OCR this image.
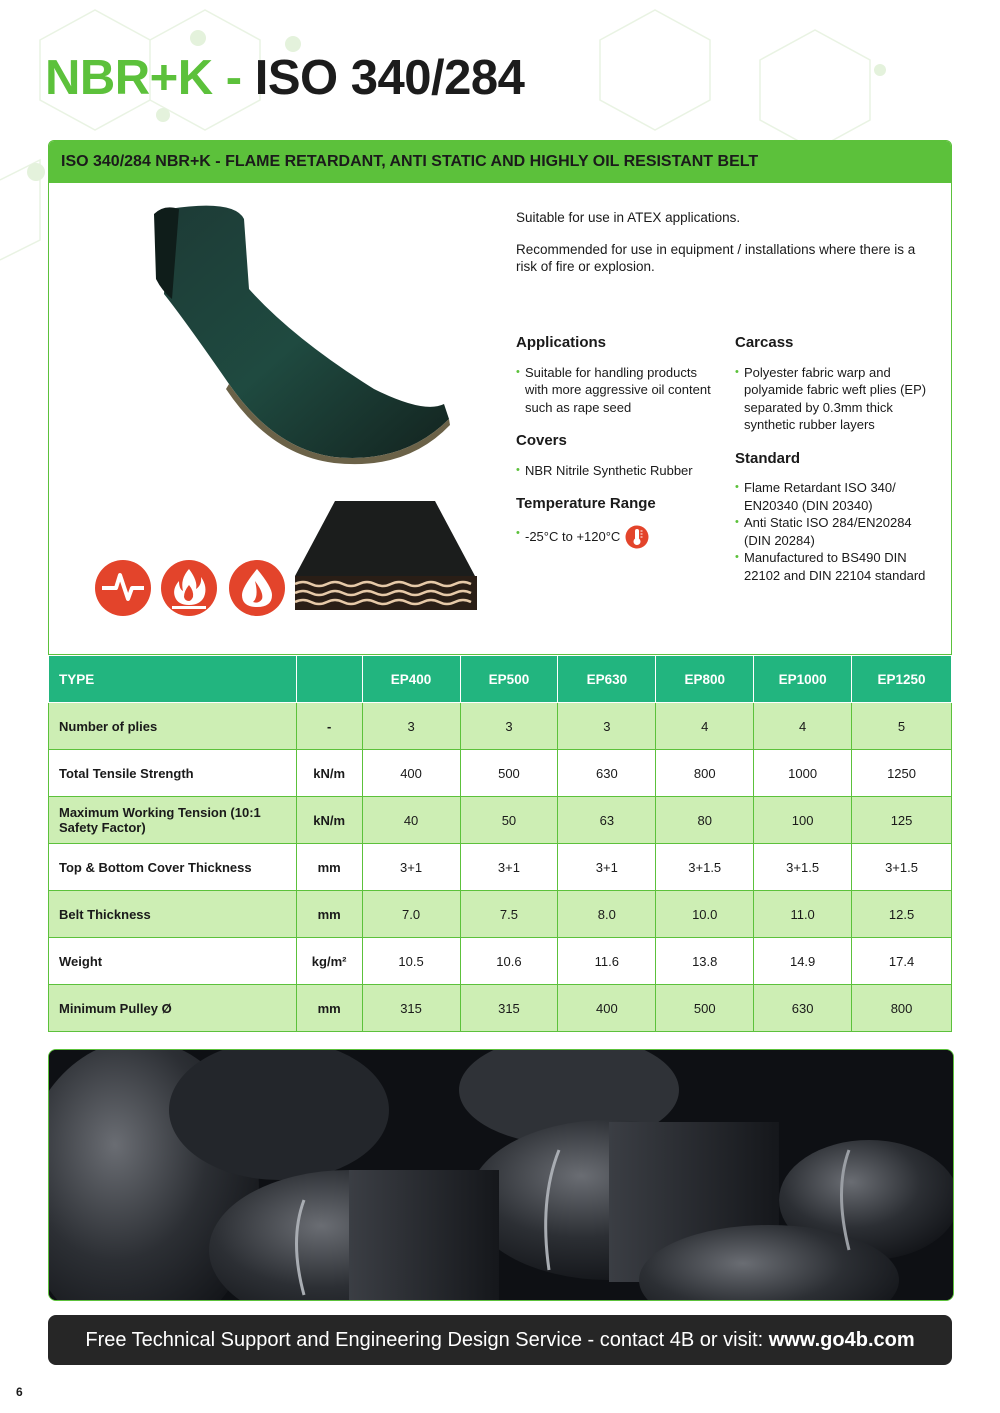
NBR+K - ISO 340/284
ISO 340/284 NBR+K - FLAME RETARDANT, ANTI STATIC AND HIGHLY OIL RESISTANT BELT

Suitable for use in ATEX applications.

Recommended for use in equipment / installations where there is a risk of fire or explosion.

Applications
• Suitable for handling products with more aggressive oil content such as rape seed
Covers
• NBR Nitrile Synthetic Rubber
Temperature Range
• -25°C to +120°C
Carcass
• Polyester fabric warp and polyamide fabric weft plies (EP) separated by 0.3mm thick synthetic rubber layers
Standard
• Flame Retardant ISO 340/ EN20340 (DIN 20340)
• Anti Static ISO 284/EN20284 (DIN 20284)
• Manufactured to BS490 DIN 22102 and DIN 22104 standard
TYPE		EP400	EP500	EP630	EP800	EP1000	EP1250
Number of plies	-	3	3	3	4	4	5
Total Tensile Strength	kN/m	400	500	630	800	1000	1250
Maximum Working Tension (10:1 Safety Factor)	kN/m	40	50	63	80	100	125
Top & Bottom Cover Thickness	mm	3+1	3+1	3+1	3+1.5	3+1.5	3+1.5
Belt Thickness	mm	7.0	7.5	8.0	10.0	11.0	12.5
Weight	kg/m²	10.5	10.6	11.6	13.8	14.9	17.4
Minimum Pulley Ø	mm	315	315	400	500	630	800
Free Technical Support and Engineering Design Service - contact 4B or visit: www.go4b.com
6
